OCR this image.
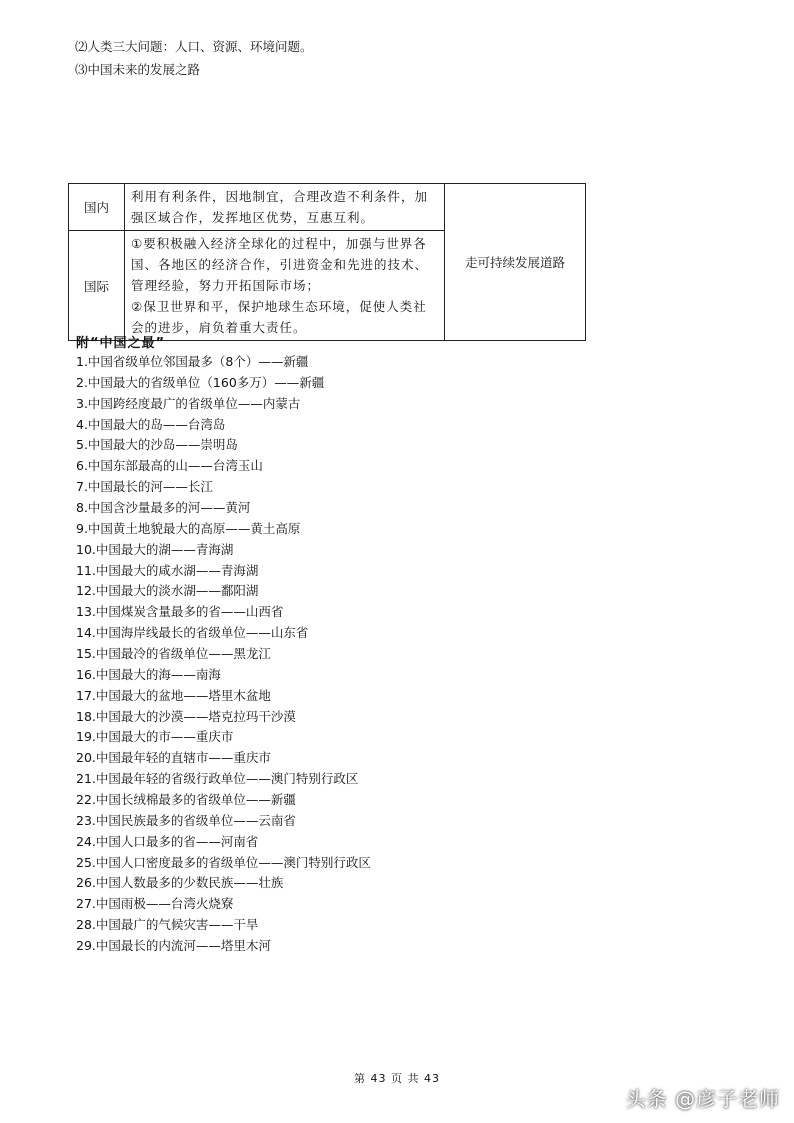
⑵人类三大问题：人口、资源、环境问题。
⑶中国未来的发展之路
国内	利用有利条件，因地制宜，合理改造不利条件，加强区域合作，发挥地区优势，互惠互利。	走可持续发展道路
国际	①要积极融入经济全球化的过程中，加强与世界各国、各地区的经济合作，引进资金和先进的技术、管理经验，努力开拓国际市场；

②保卫世界和平，保护地球生态环境，促使人类社会的进步，肩负着重大责任。	

附“中国之最”
1.中国省级单位邻国最多（8个）——新疆
2.中国最大的省级单位（160多万）——新疆
3.中国跨经度最广的省级单位——内蒙古
4.中国最大的岛——台湾岛
5.中国最大的沙岛——崇明岛
6.中国东部最高的山——台湾玉山
7.中国最长的河——长江
8.中国含沙量最多的河——黄河
9.中国黄土地貌最大的高原——黄土高原
10.中国最大的湖——青海湖
11.中国最大的咸水湖——青海湖
12.中国最大的淡水湖——鄱阳湖
13.中国煤炭含量最多的省——山西省
14.中国海岸线最长的省级单位——山东省
15.中国最冷的省级单位——黑龙江
16.中国最大的海——南海
17.中国最大的盆地——塔里木盆地
18.中国最大的沙漠——塔克拉玛干沙漠
19.中国最大的市——重庆市
20.中国最年轻的直辖市——重庆市
21.中国最年轻的省级行政单位——澳门特别行政区
22.中国长绒棉最多的省级单位——新疆
23.中国民族最多的省级单位——云南省
24.中国人口最多的省——河南省
25.中国人口密度最多的省级单位——澳门特别行政区
26.中国人数最多的少数民族——壮族
27.中国雨极——台湾火烧寮
28.中国最广的气候灾害——干旱
29.中国最长的内流河——塔里木河
第 43 页 共 43
头条 @彦子老师
